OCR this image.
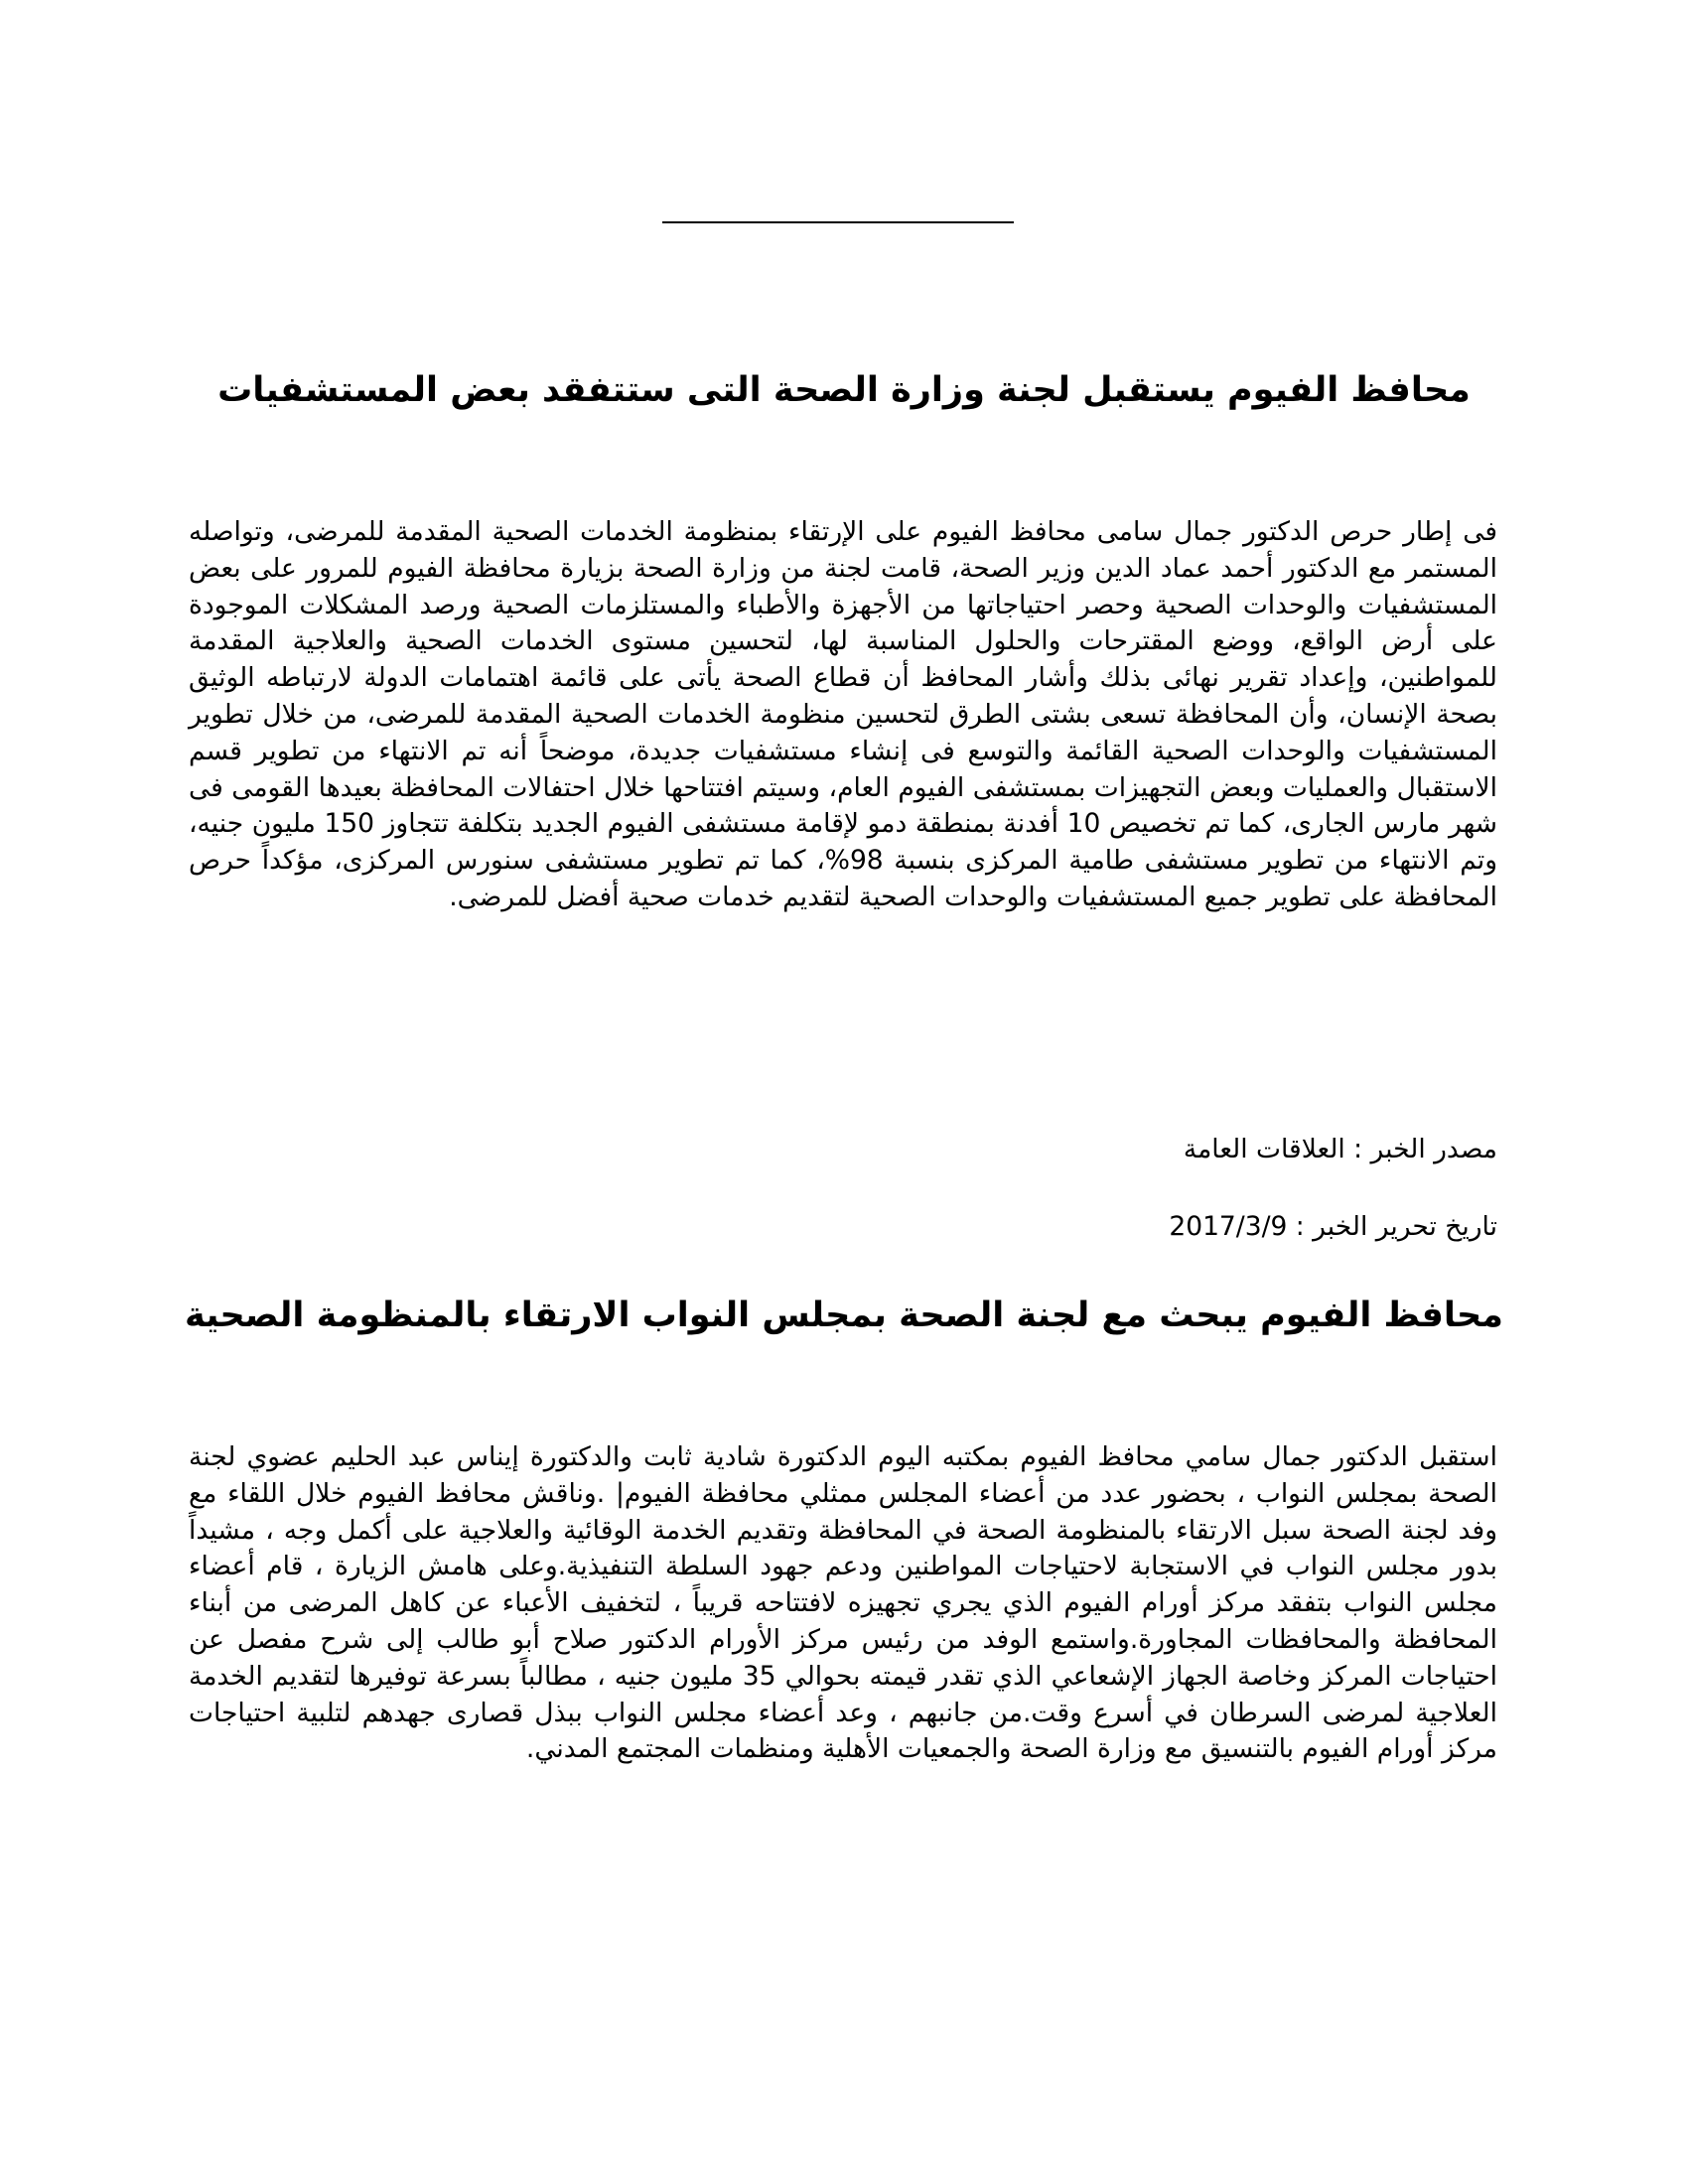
محافظ الفيوم يستقبل لجنة وزارة الصحة التى ستتفقد بعض المستشفيات

فى إطار حرص الدكتور جمال سامى محافظ الفيوم على الإرتقاء بمنظومة الخدمات الصحية المقدمة للمرضى، وتواصله المستمر مع الدكتور أحمد عماد الدين وزير الصحة، قامت لجنة من وزارة الصحة بزيارة محافظة الفيوم للمرور على بعض المستشفيات والوحدات الصحية وحصر احتياجاتها من الأجهزة والأطباء والمستلزمات الصحية ورصد المشكلات الموجودة على أرض الواقع، ووضع المقترحات والحلول المناسبة لها، لتحسين مستوى الخدمات الصحية والعلاجية المقدمة للمواطنين، وإعداد تقرير نهائى بذلك وأشار المحافظ أن قطاع الصحة يأتى على قائمة اهتمامات الدولة لارتباطه الوثيق بصحة الإنسان، وأن المحافظة تسعى بشتى الطرق لتحسين منظومة الخدمات الصحية المقدمة للمرضى، من خلال تطوير المستشفيات والوحدات الصحية القائمة والتوسع فى إنشاء مستشفيات جديدة، موضحاً أنه تم الانتهاء من تطوير قسم الاستقبال والعمليات وبعض التجهيزات بمستشفى الفيوم العام، وسيتم افتتاحها خلال احتفالات المحافظة بعيدها القومى فى شهر مارس الجارى، كما تم تخصيص 10 أفدنة بمنطقة دمو لإقامة مستشفى الفيوم الجديد بتكلفة تتجاوز 150 مليون جنيه، وتم الانتهاء من تطوير مستشفى طامية المركزى بنسبة 98%، كما تم تطوير مستشفى سنورس المركزى، مؤكداً حرص المحافظة على تطوير جميع المستشفيات والوحدات الصحية لتقديم خدمات صحية أفضل للمرضى.

مصدر الخبر : العلاقات العامة

تاريخ تحرير الخبر : 2017/3/9

محافظ الفيوم يبحث مع لجنة الصحة بمجلس النواب الارتقاء بالمنظومة الصحية

استقبل الدكتور جمال سامي محافظ الفيوم بمكتبه اليوم الدكتورة شادية ثابت والدكتورة إيناس عبد الحليم عضوي لجنة الصحة بمجلس النواب ، بحضور عدد من أعضاء المجلس ممثلي محافظة الفيوم| .وناقش محافظ الفيوم خلال اللقاء مع وفد لجنة الصحة سبل الارتقاء بالمنظومة الصحة في المحافظة وتقديم الخدمة الوقائية والعلاجية على أكمل وجه ، مشيداً بدور مجلس النواب في الاستجابة لاحتياجات المواطنين ودعم جهود السلطة التنفيذية.وعلى هامش الزيارة ، قام أعضاء مجلس النواب بتفقد مركز أورام الفيوم الذي يجري تجهيزه لافتتاحه قريباً ، لتخفيف الأعباء عن كاهل المرضى من أبناء المحافظة والمحافظات المجاورة.واستمع الوفد من رئيس مركز الأورام الدكتور صلاح أبو طالب إلى شرح مفصل عن احتياجات المركز وخاصة الجهاز الإشعاعي الذي تقدر قيمته بحوالي 35 مليون جنيه ، مطالباً بسرعة توفيرها لتقديم الخدمة العلاجية لمرضى السرطان في أسرع وقت.من جانبهم ، وعد أعضاء مجلس النواب ببذل قصارى جهدهم لتلبية احتياجات مركز أورام الفيوم بالتنسيق مع وزارة الصحة والجمعيات الأهلية ومنظمات المجتمع المدني.
